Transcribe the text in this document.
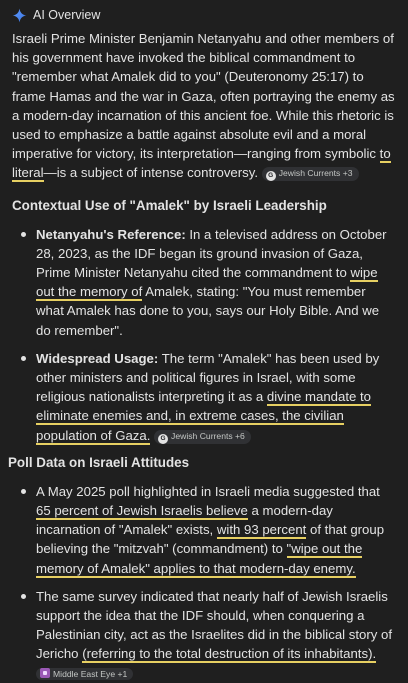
AI Overview

Israeli Prime Minister Benjamin Netanyahu and other members of his government have invoked the biblical commandment to "remember what Amalek did to you" (Deuteronomy 25:17) to frame Hamas and the war in Gaza, often portraying the enemy as a modern-day incarnation of this ancient foe. While this rhetoric is used to emphasize a battle against absolute evil and a moral imperative for victory, its interpretation—ranging from symbolic to literal—is a subject of intense controversy. G Jewish Currents +3

Contextual Use of "Amalek" by Israeli Leadership
Netanyahu's Reference: In a televised address on October 28, 2023, as the IDF began its ground invasion of Gaza, Prime Minister Netanyahu cited the commandment to wipe out the memory of Amalek, stating: "You must remember what Amalek has done to you, says our Holy Bible. And we do remember".
Widespread Usage: The term "Amalek" has been used by other ministers and political figures in Israel, with some religious nationalists interpreting it as a divine mandate to eliminate enemies and, in extreme cases, the civilian population of Gaza. G Jewish Currents +6
Poll Data on Israeli Attitudes
A May 2025 poll highlighted in Israeli media suggested that 65 percent of Jewish Israelis believe a modern-day incarnation of "Amalek" exists, with 93 percent of that group believing the "mitzvah" (commandment) to "wipe out the memory of Amalek" applies to that modern-day enemy.
The same survey indicated that nearly half of Jewish Israelis support the idea that the IDF should, when conquering a Palestinian city, act as the Israelites did in the biblical story of Jericho (referring to the total destruction of its inhabitants). Middle East Eye +1
